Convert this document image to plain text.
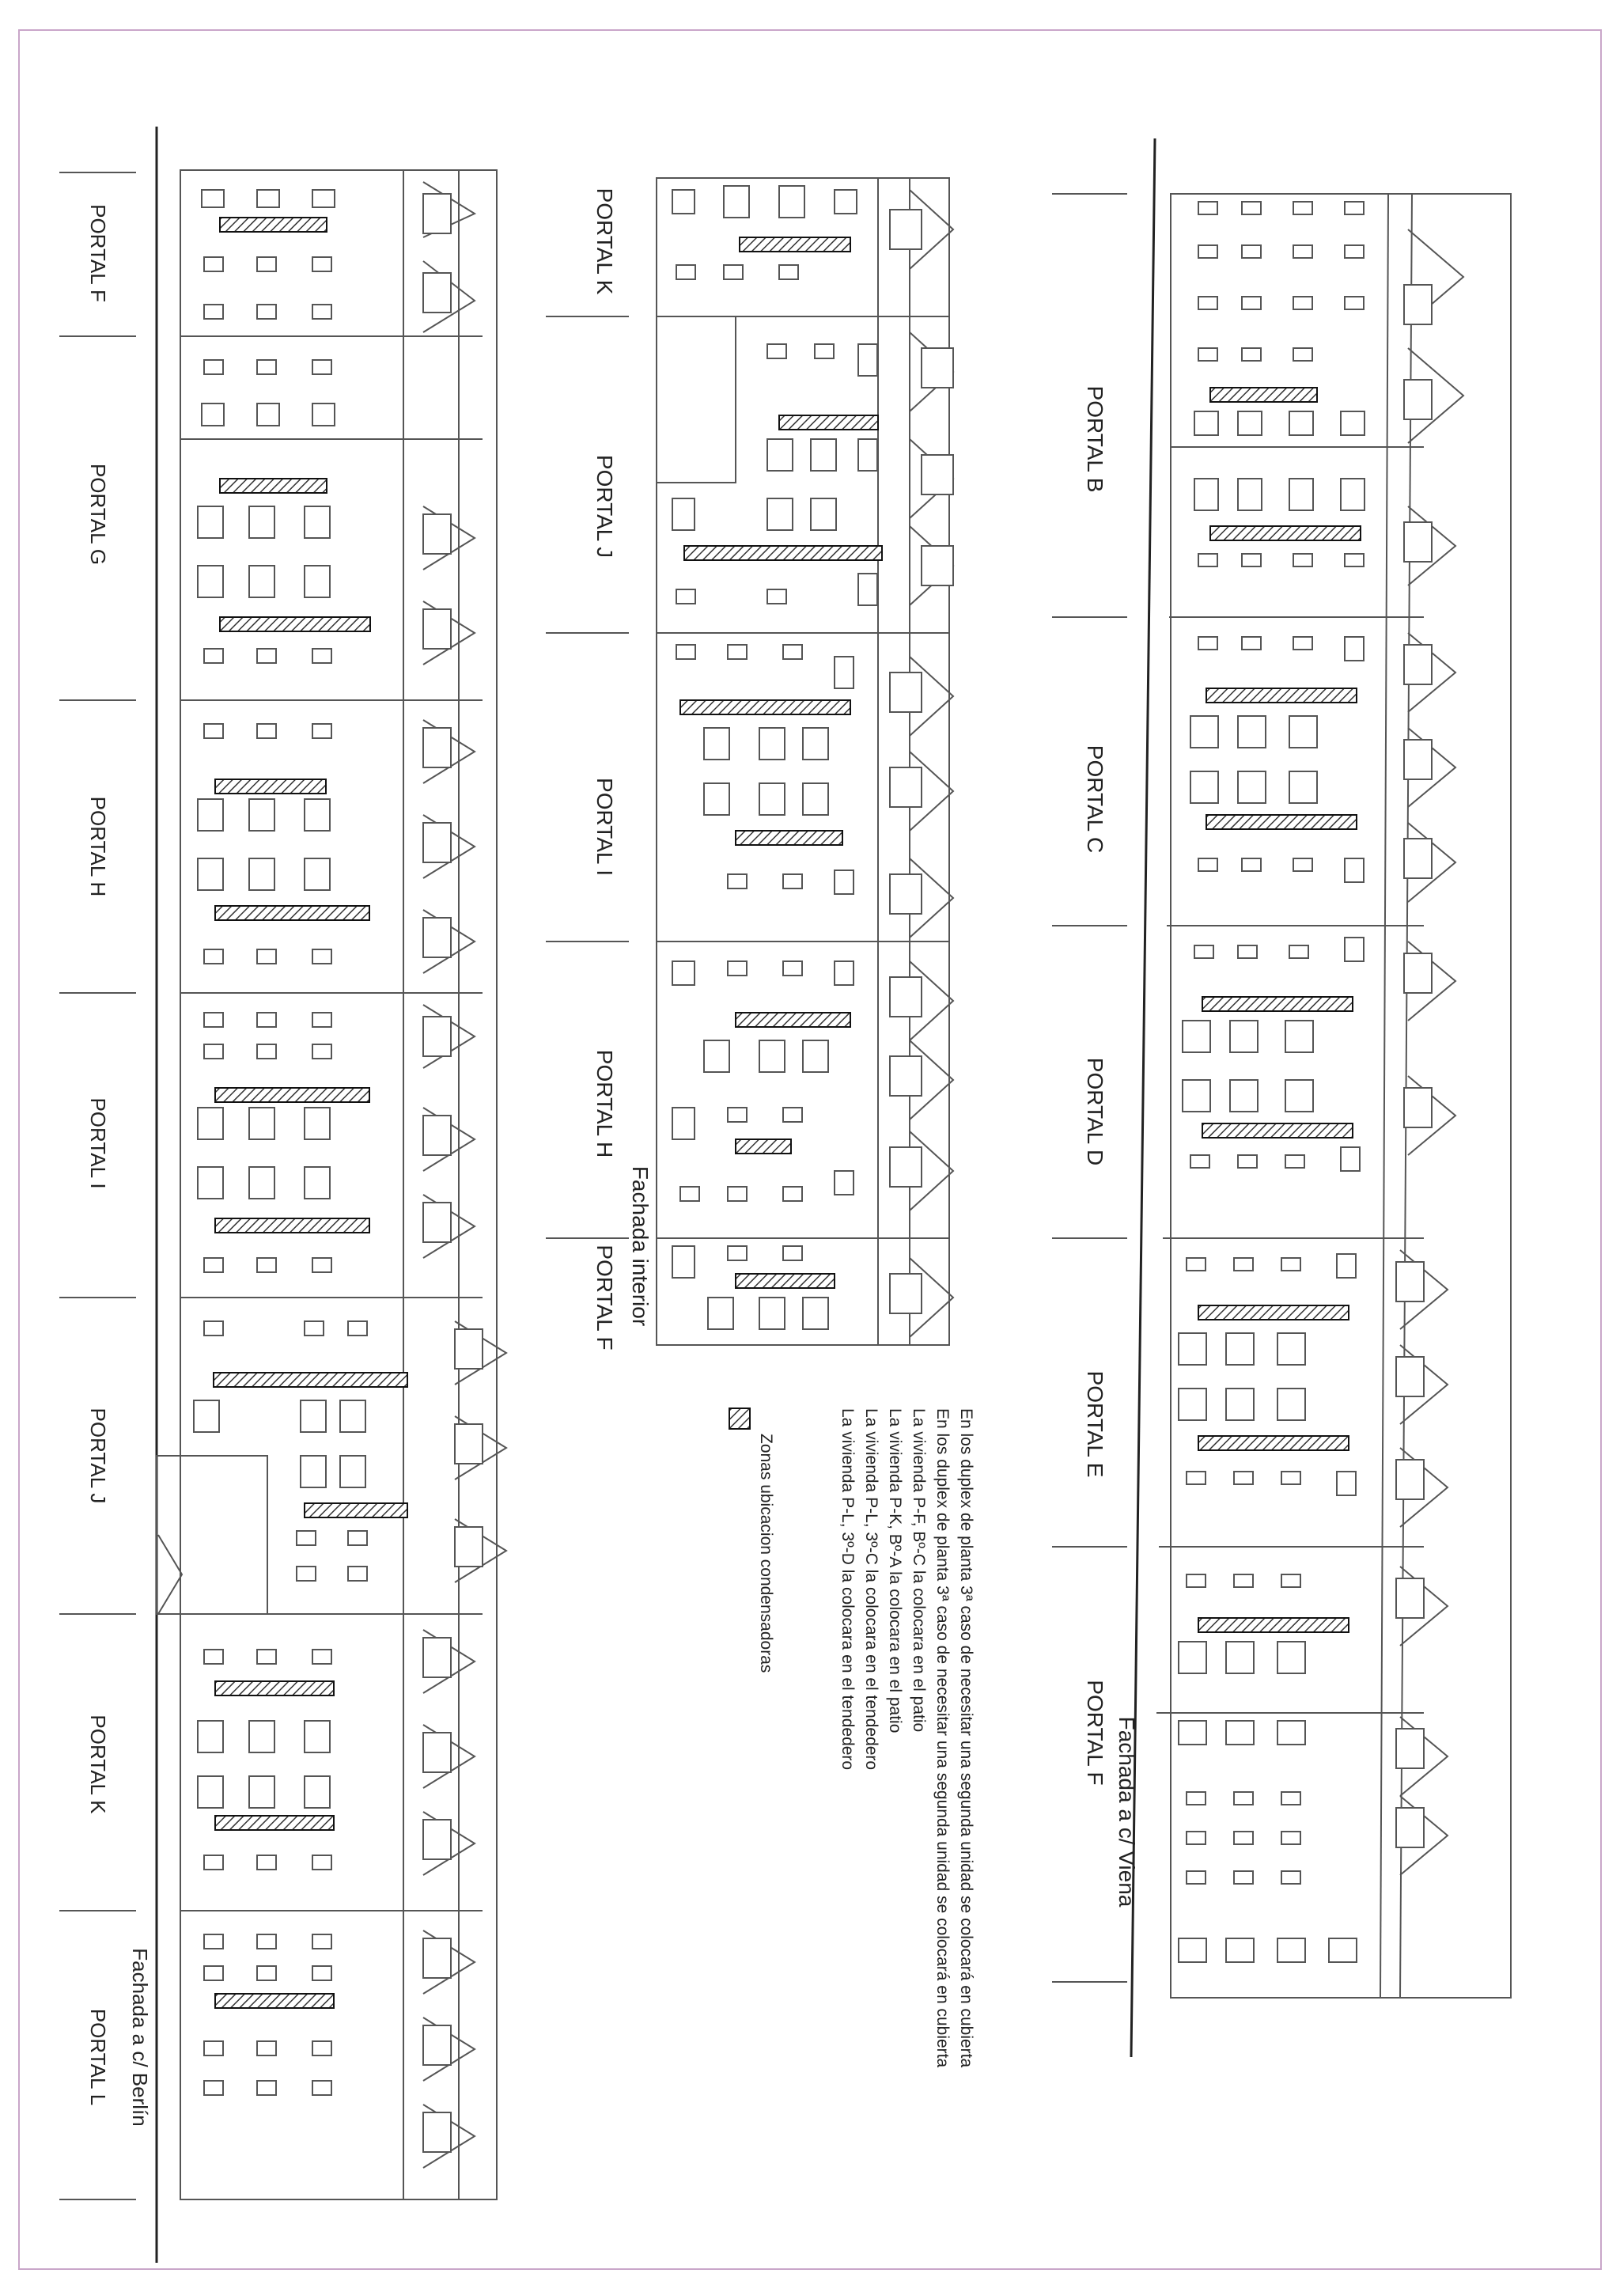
PORTAL F
PORTAL G
PORTAL H
PORTAL I
PORTAL J
PORTAL K
PORTAL L Fachada a c/ Berlín
PORTAL K
PORTAL J
PORTAL I
PORTAL H
PORTAL F Fachada interior
PORTAL B
PORTAL C
PORTAL D
PORTAL E
PORTAL F Fachada a c/ Viena
En los duplex de planta 3ª caso de necesitar una segunda unidad se colocará en cubierta
En los duplex de planta 3ª caso de necesitar una segunda unidad se colocará en cubierta
La vivienda P-F, Bº-C la colocara en el patio
La vivienda P-K, Bº-A la colocara en el patio
La vivienda P-L, 3º-C la colocara en el tendedero
La vivienda P-L, 3º-D la colocara en el tendedero
Zonas ubicacion condensadoras
